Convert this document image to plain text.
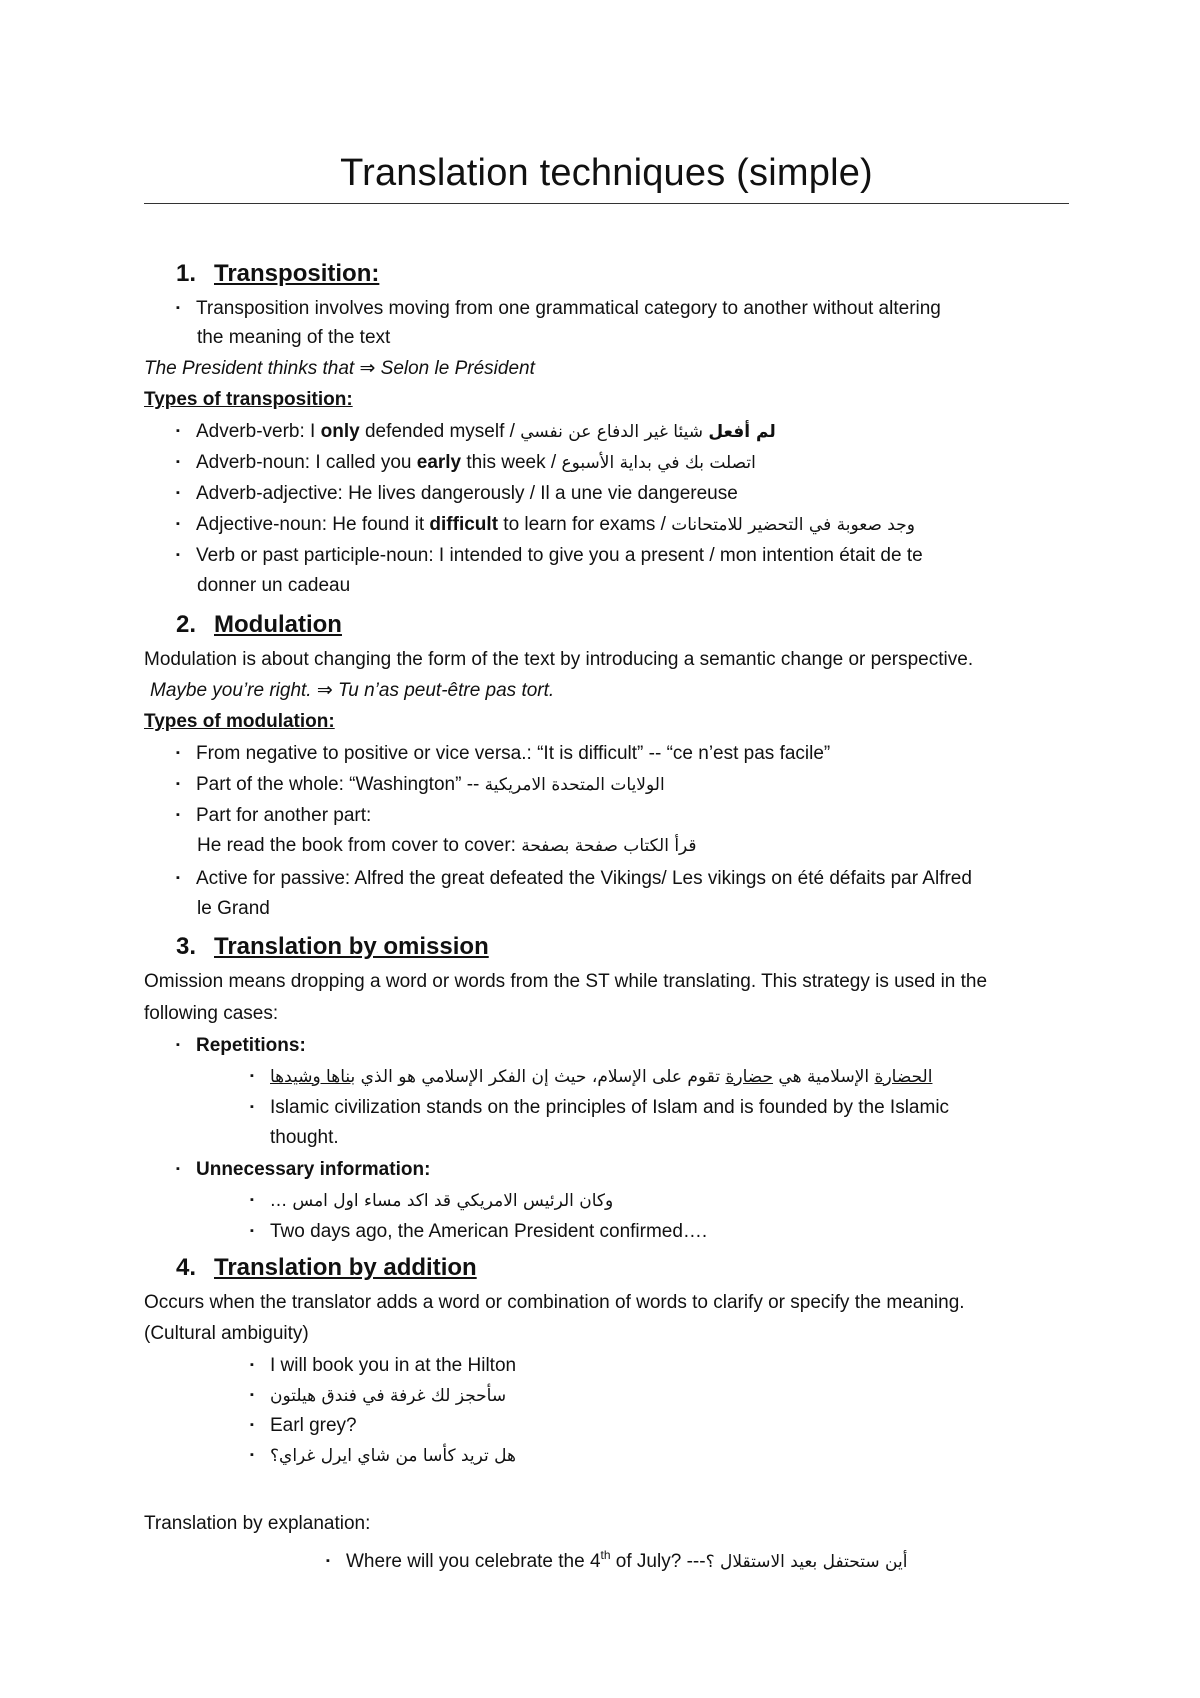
Translation techniques (simple)
1. Transposition:
▪ Transposition involves moving from one grammatical category to another without altering
the meaning of the text
The President thinks that ⇒ Selon le Président
Types of transposition:
▪ Adverb-verb: I only defended myself /	لم أفعل شيئا غير الدفاع عن نفسي
▪ Adverb-noun: I called you early this week / اتصلت بك في بداية الأسبوع
▪ Adverb-adjective: He lives dangerously / Il a une vie dangereuse
▪ Adjective-noun: He found it difficult to learn for exams / وجد صعوبة في التحضير للامتحانات
▪ Verb or past participle-noun: I intended to give you a present / mon intention était de te
donner un cadeau
2. Modulation
Modulation is about changing the form of the text by introducing a semantic change or perspective.
Maybe you’re right. ⇒ Tu n’as peut-être pas tort.
Types of modulation:
▪ From negative to positive or vice versa.: “It is difficult” -- “ce n’est pas facile”
▪ Part of the whole: “Washington” -- الولايات المتحدة الامريكية
▪ Part for another part:
He read the book from cover to cover: قرأ الكتاب صفحة بصفحة
▪ Active for passive: Alfred the great defeated the Vikings/ Les vikings on été défaits par Alfred
le Grand
3. Translation by omission
Omission means dropping a word or words from the ST while translating. This strategy is used in the
following cases:
▪ Repetitions:
▪	الحضارة الإسلامية هي حضارة تقوم على الإسلام، حيث إن الفكر الإسلامي هو الذي بناها وشيدها
▪ Islamic civilization stands on the principles of Islam and is founded by the Islamic
thought.
▪ Unnecessary information:
▪ وكان الرئيس الامريكي قد اكد مساء اول امس …
▪ Two days ago, the American President confirmed….
4. Translation by addition
Occurs when the translator adds a word or combination of words to clarify or specify the meaning.
(Cultural ambiguity)
▪ I will book you in at the Hilton
▪ سأحجز لك غرفة في فندق هيلتون
▪ Earl grey?
▪ هل تريد كأسا من شاي ايرل غراي؟
Translation by explanation:
▪ Where will you celebrate the 4th of July? ---أين ستحتفل بعيد الاستقلال ؟
